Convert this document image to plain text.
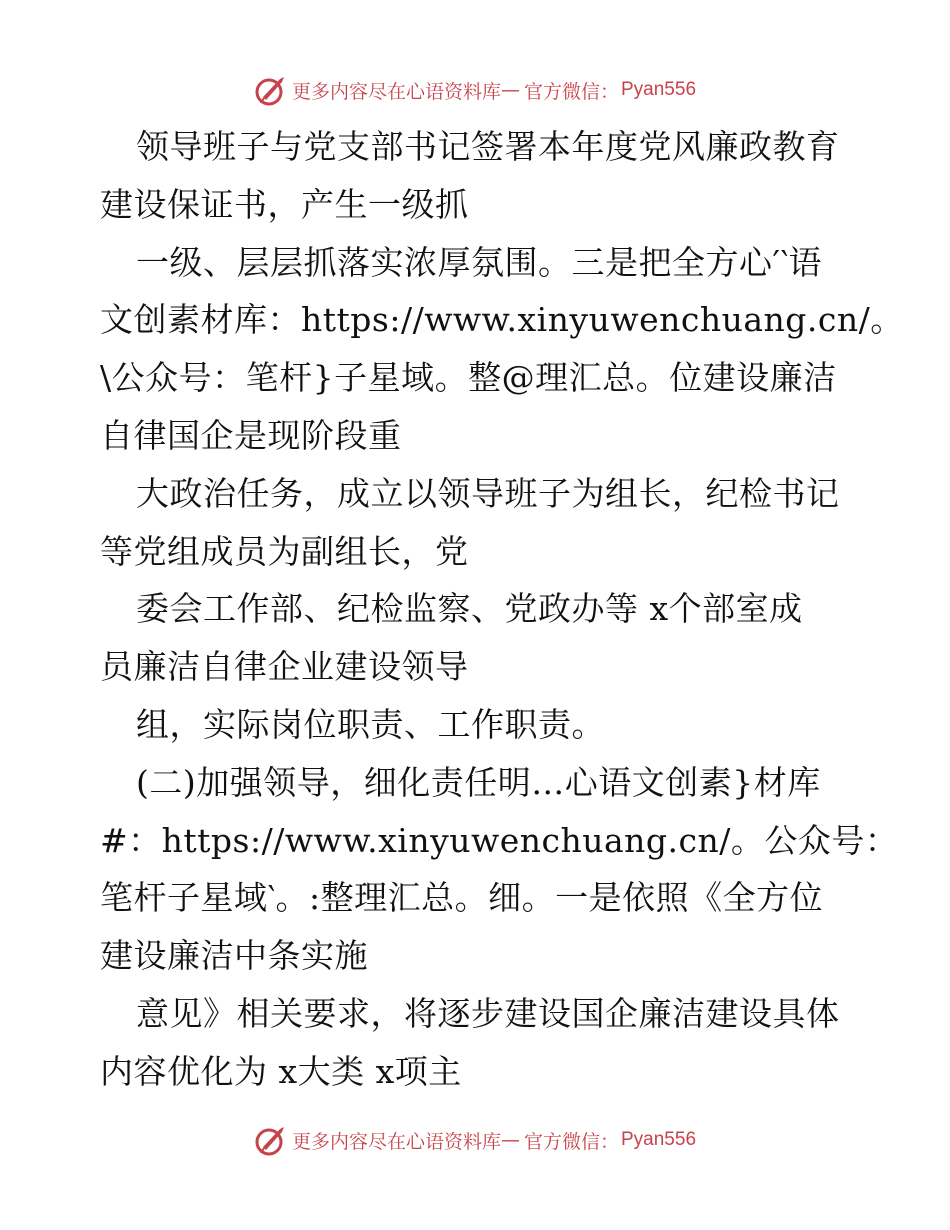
更多内容尽在心语资料库 — 官方微信： Pyan556
领导班子与党支部书记签署本年度党风廉政教育
建设保证书，产生一级抓
一级、层层抓落实浓厚氛围。三是把全方心′‵语
文创素材库：https://www.xinyuwenchuang.cn/。
\公众号：笔杆}子星域。整@理汇总。位建设廉洁
自律国企是现阶段重
大政治任务，成立以领导班子为组长，纪检书记
等党组成员为副组长，党
委会工作部、纪检监察、党政办等 x个部室成
员廉洁自律企业建设领导
组，实际岗位职责、工作职责。
(二)加强领导，细化责任明…心语文创素}材库
#：https://www.xinyuwenchuang.cn/。公众号：
笔杆子星域‵。:整理汇总。细。一是依照《全方位
建设廉洁中条实施
意见》相关要求，将逐步建设国企廉洁建设具体
内容优化为 x大类 x项主
更多内容尽在心语资料库 — 官方微信： Pyan556
